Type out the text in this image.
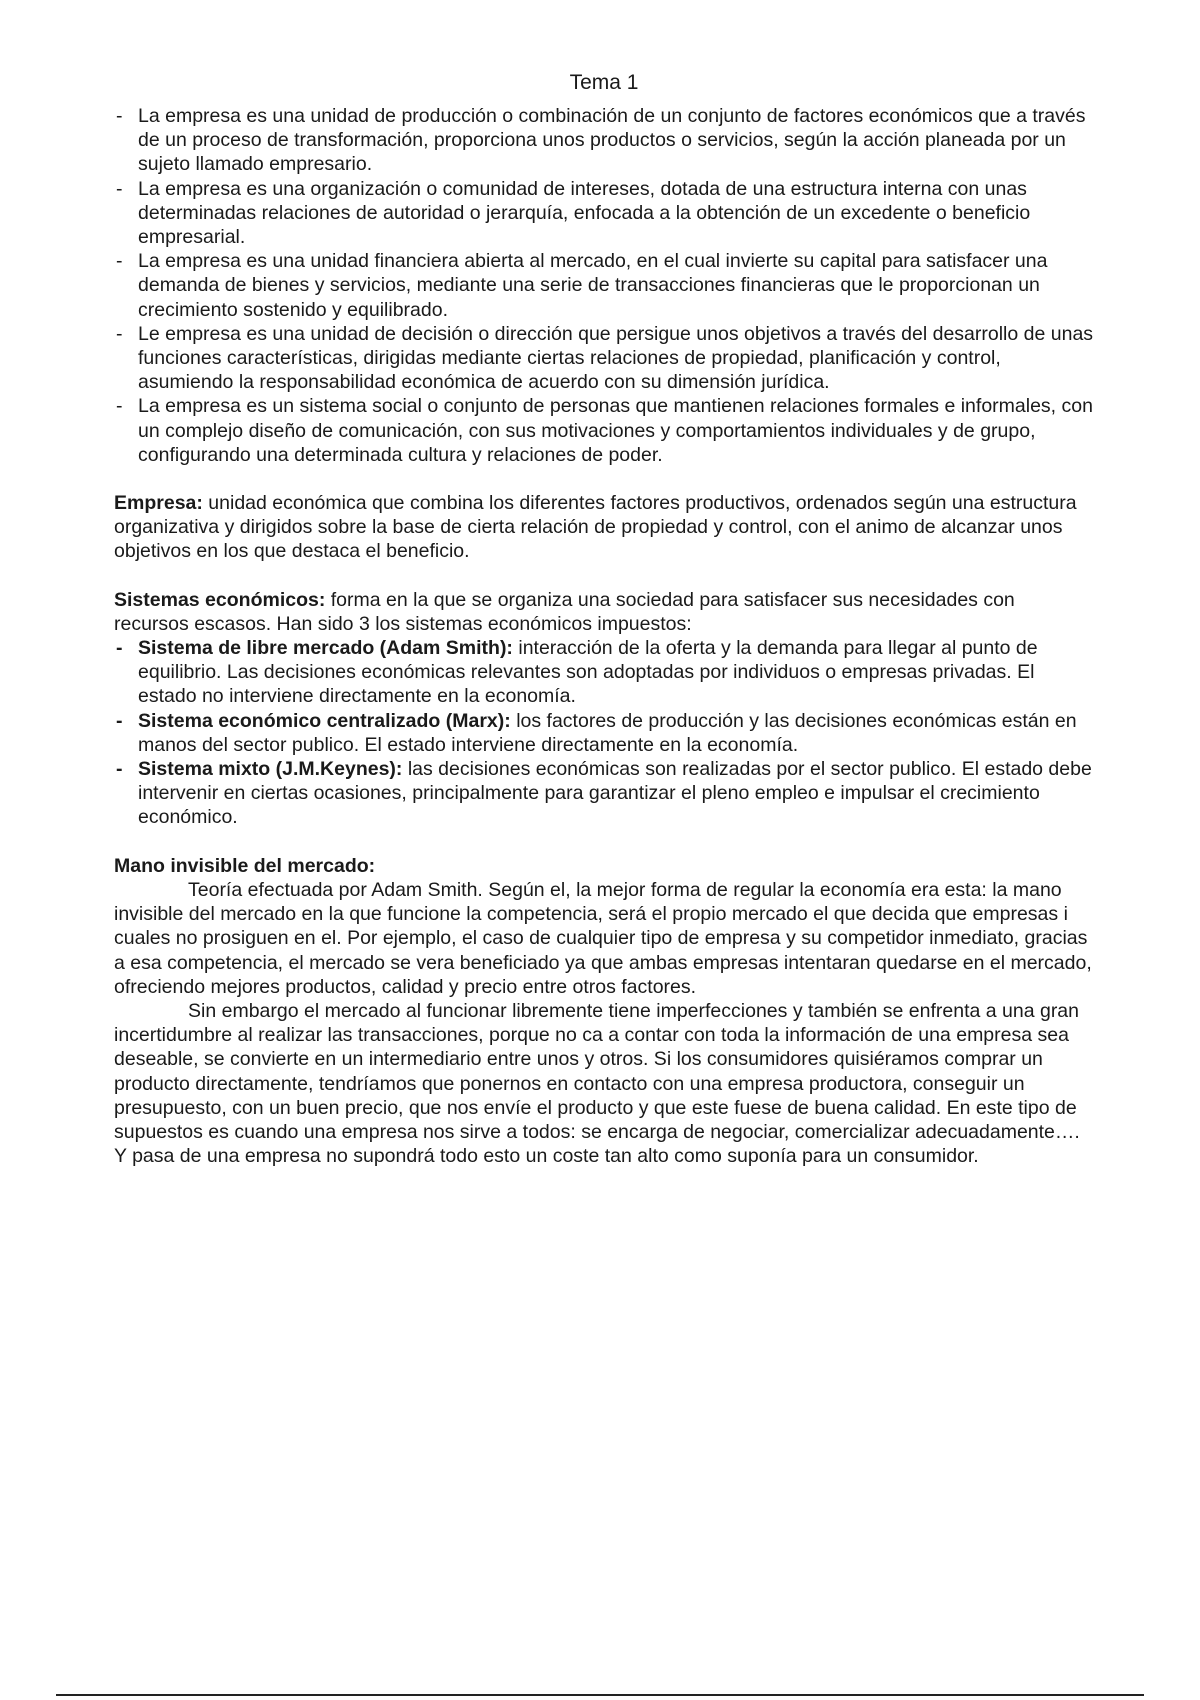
Tema 1
- La empresa es una unidad de producción o combinación de un conjunto de factores económicos que a través de un proceso de transformación, proporciona unos productos o servicios, según la acción planeada por un sujeto llamado empresario.
- La empresa es una organización o comunidad de intereses, dotada de una estructura interna con unas determinadas relaciones de autoridad o jerarquía, enfocada a la obtención de un excedente o beneficio empresarial.
- La empresa es una unidad financiera abierta al mercado, en el cual invierte su capital para satisfacer una demanda de bienes y servicios, mediante una serie de transacciones financieras que le proporcionan un crecimiento sostenido y equilibrado.
- Le empresa es una unidad de decisión o dirección que persigue unos objetivos a través del desarrollo de unas funciones características, dirigidas mediante ciertas relaciones de propiedad, planificación y control, asumiendo la responsabilidad económica de acuerdo con su dimensión jurídica.
- La empresa es un sistema social o conjunto de personas que mantienen relaciones formales e informales, con un complejo diseño de comunicación, con sus motivaciones y comportamientos individuales y de grupo, configurando una determinada cultura y relaciones de poder.

Empresa: unidad económica que combina los diferentes factores productivos, ordenados según una estructura organizativa y dirigidos sobre la base de cierta relación de propiedad y control, con el animo de alcanzar unos objetivos en los que destaca el beneficio.

Sistemas económicos: forma en la que se organiza una sociedad para satisfacer sus necesidades con recursos escasos. Han sido 3 los sistemas económicos impuestos:

- Sistema de libre mercado (Adam Smith): interacción de la oferta y la demanda para llegar al punto de equilibrio. Las decisiones económicas relevantes son adoptadas por individuos o empresas privadas. El estado no interviene directamente en la economía.
- Sistema económico centralizado (Marx): los factores de producción y las decisiones económicas están en manos del sector publico. El estado interviene directamente en la economía.
- Sistema mixto (J.M.Keynes): las decisiones económicas son realizadas por el sector publico. El estado debe intervenir en ciertas ocasiones, principalmente para garantizar el pleno empleo e impulsar el crecimiento económico.

Mano invisible del mercado:

Teoría efectuada por Adam Smith. Según el, la mejor forma de regular la economía era esta: la mano invisible del mercado en la que funcione la competencia, será el propio mercado el que decida que empresas i cuales no prosiguen en el. Por ejemplo, el caso de cualquier tipo de empresa y su competidor inmediato, gracias a esa competencia, el mercado se vera beneficiado ya que ambas empresas intentaran quedarse en el mercado, ofreciendo mejores productos, calidad y precio entre otros factores.

Sin embargo el mercado al funcionar libremente tiene imperfecciones y también se enfrenta a una gran incertidumbre al realizar las transacciones, porque no ca a contar con toda la información de una empresa sea deseable, se convierte en un intermediario entre unos y otros. Si los consumidores quisiéramos comprar un producto directamente, tendríamos que ponernos en contacto con una empresa productora, conseguir un presupuesto, con un buen precio, que nos envíe el producto y que este fuese de buena calidad. En este tipo de supuestos es cuando una empresa nos sirve a todos: se encarga de negociar, comercializar adecuadamente…. Y pasa de una empresa no supondrá todo esto un coste tan alto como suponía para un consumidor.
